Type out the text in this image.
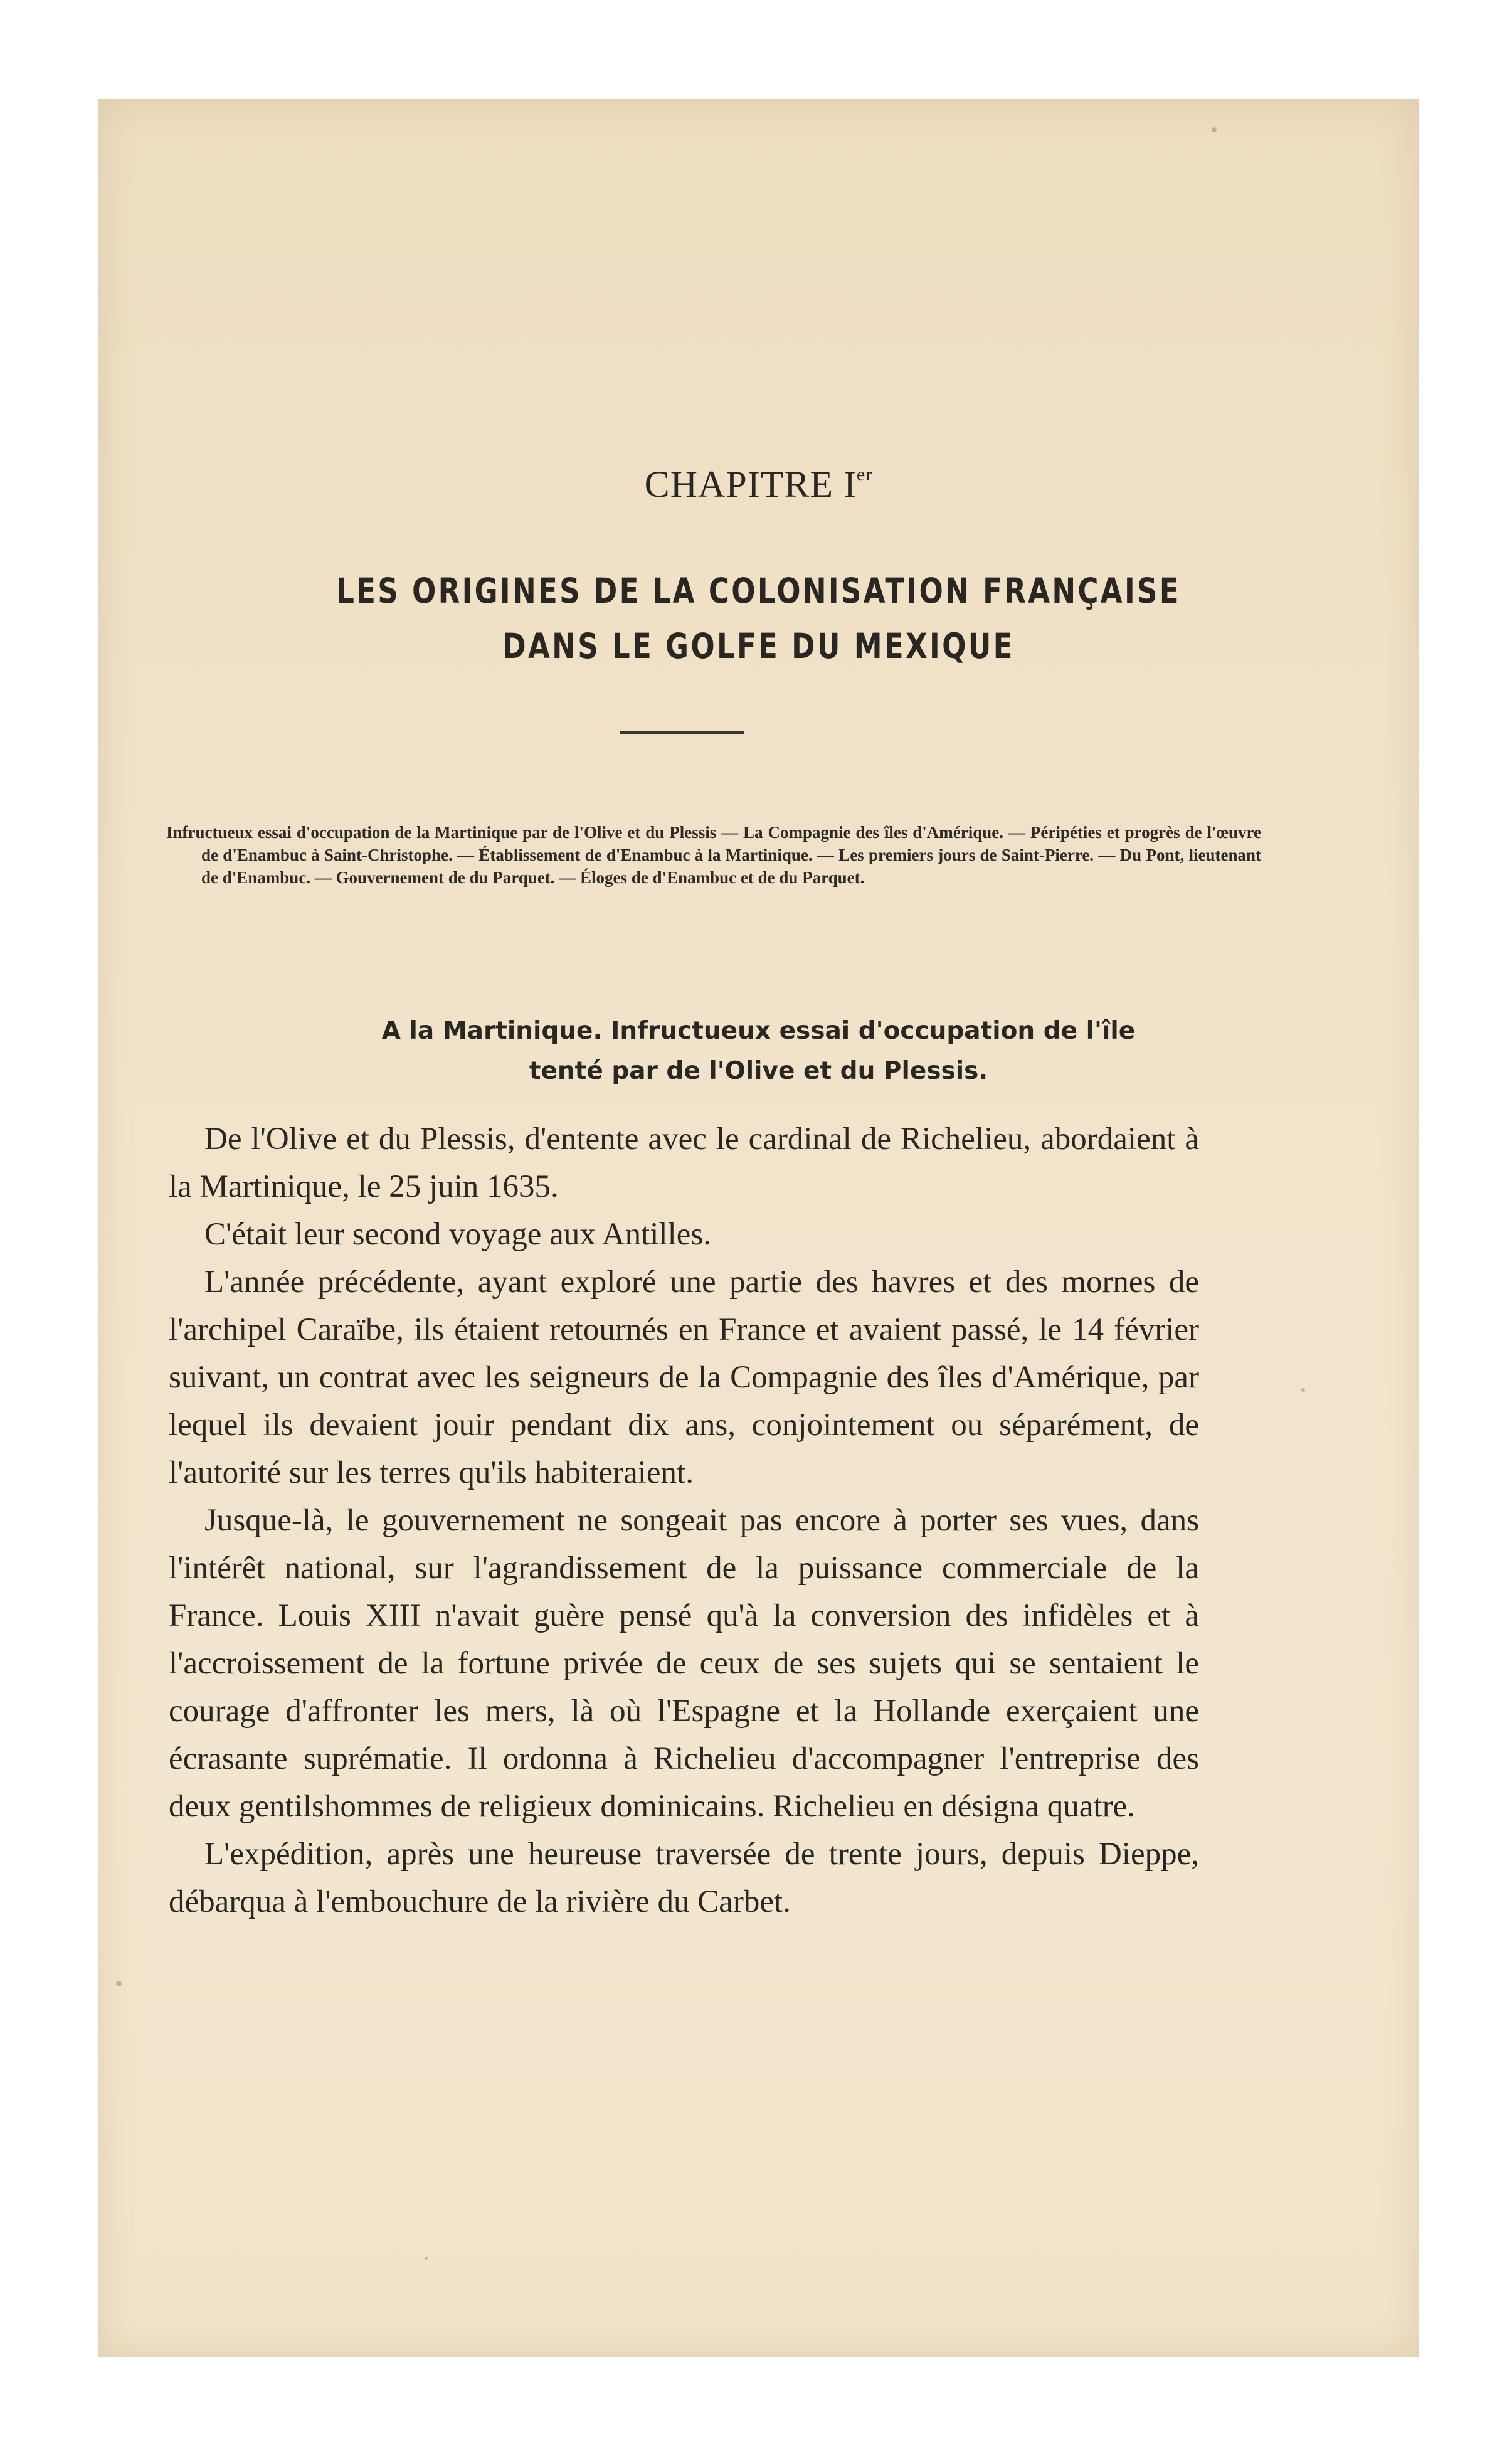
CHAPITRE Ier
LES ORIGINES DE LA COLONISATION FRANÇAISE
DANS LE GOLFE DU MEXIQUE
Infructueux essai d'occupation de la Martinique par de l'Olive et du Plessis — La Compagnie des îles d'Amérique. — Péripéties et progrès de l'œuvre de d'Enambuc à Saint-Christophe. — Établissement de d'Enambuc à la Martinique. — Les premiers jours de Saint-Pierre. — Du Pont, lieutenant de d'Enambuc. — Gouvernement de du Parquet. — Éloges de d'Enambuc et de du Parquet.
A la Martinique. Infructueux essai d'occupation de l'île
tenté par de l'Olive et du Plessis.

De l'Olive et du Plessis, d'entente avec le cardinal de Richelieu, abordaient à la Martinique, le 25 juin 1635.

C'était leur second voyage aux Antilles.

L'année précédente, ayant exploré une partie des havres et des mornes de l'archipel Caraïbe, ils étaient retournés en France et avaient passé, le 14 février suivant, un contrat avec les seigneurs de la Compagnie des îles d'Amérique, par lequel ils devaient jouir pendant dix ans, conjointement ou séparément, de l'autorité sur les terres qu'ils habiteraient.

Jusque-là, le gouvernement ne songeait pas encore à porter ses vues, dans l'intérêt national, sur l'agrandissement de la puissance commerciale de la France. Louis XIII n'avait guère pensé qu'à la conversion des infidèles et à l'accroissement de la fortune privée de ceux de ses sujets qui se sentaient le courage d'affronter les mers, là où l'Espagne et la Hollande exerçaient une écrasante suprématie. Il ordonna à Richelieu d'accompagner l'entreprise des deux gentilshommes de religieux dominicains. Richelieu en désigna quatre.

L'expédition, après une heureuse traversée de trente jours, depuis Dieppe, débarqua à l'embouchure de la rivière du Carbet.
